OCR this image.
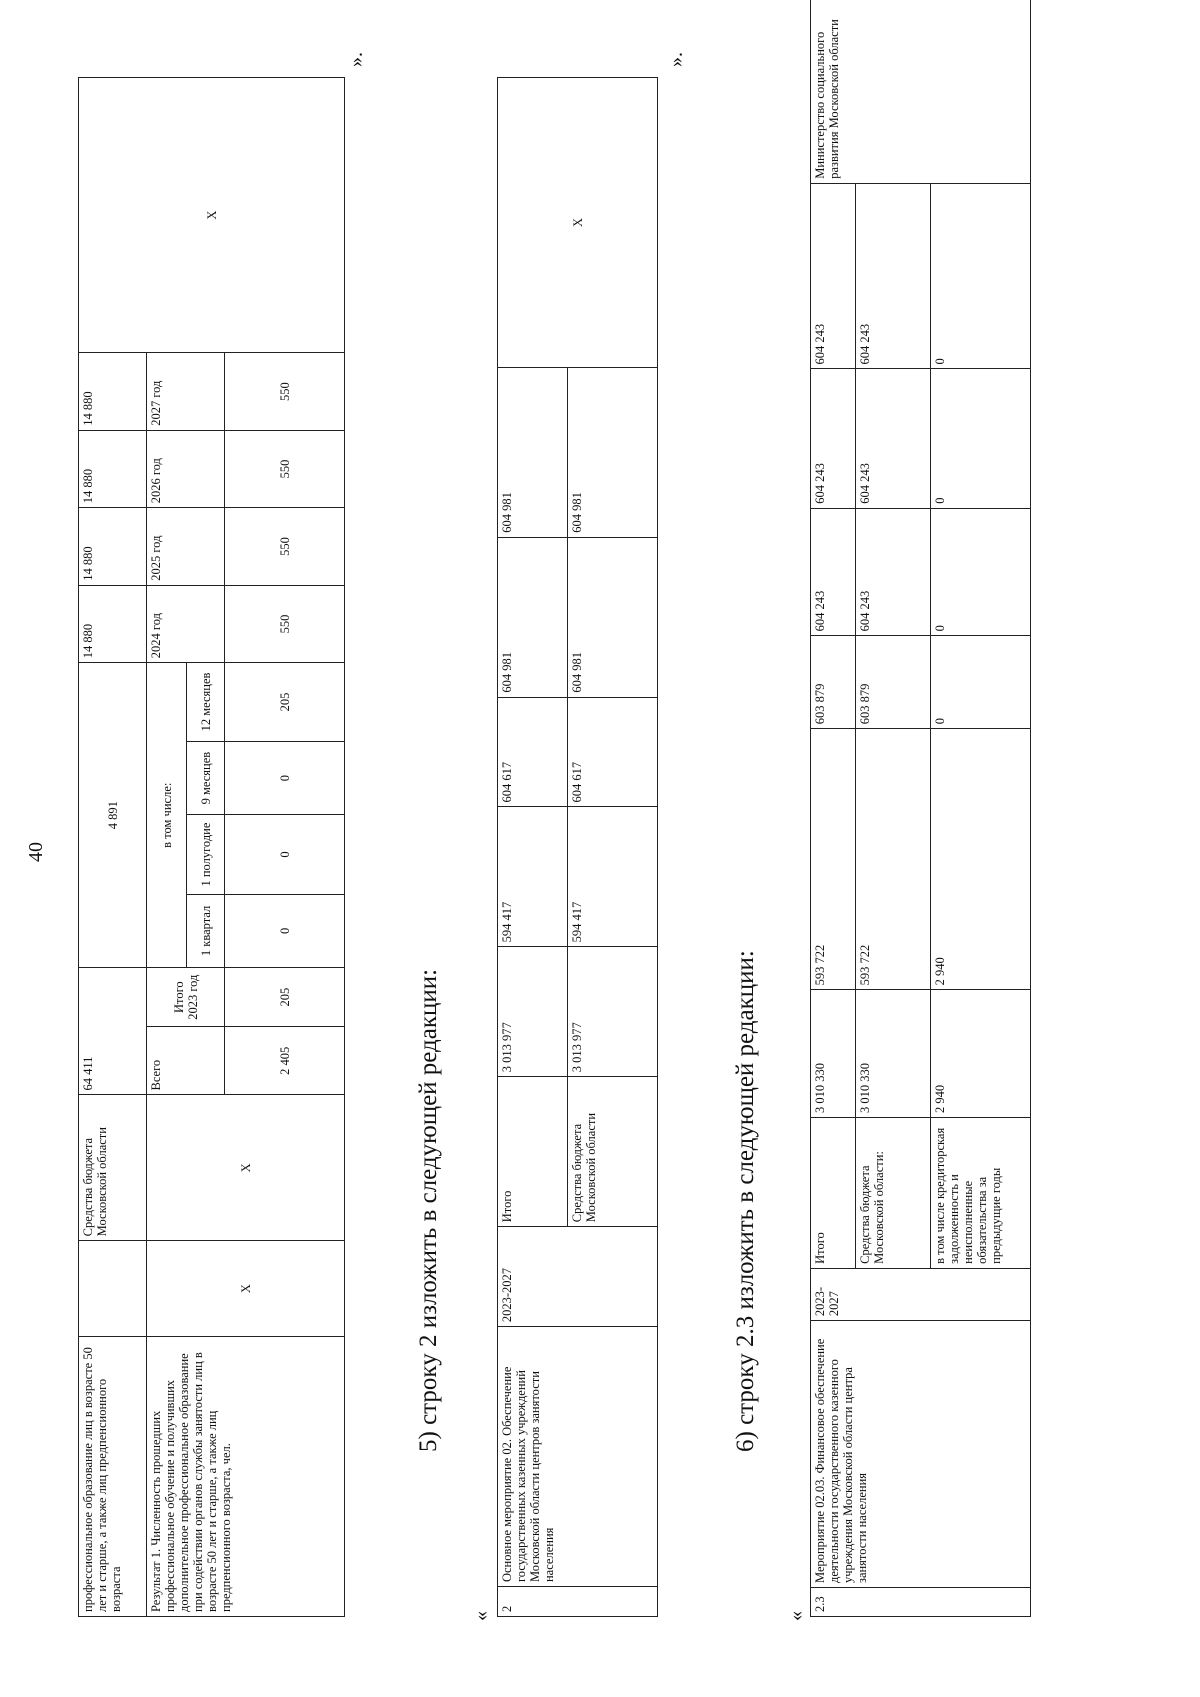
40
профессиональное образование лиц в возрасте 50 лет и старше, а также лиц предпенсионного возраста		Средства бюджета Московской области	64 411		4 891				14 880	14 880	14 880	14 880	X
Результат 1. Численность прошедших профессиональное обучение и получивших дополнительное профессиональное образование при содействии органов службы занятости лиц в возрасте 50 лет и старше, а также лиц предпенсионного возраста, чел.	X	X	Всего	Итого 2023 год	в том числе:				2024 год	2025 год	2026 год	2027 год	
					1 квартал	1 полугодие	9 месяцев	12 месяцев					
			2 405	205	0	0	0	205	550	550	550	550	
».
5) строку 2 изложить в следующей редакции:
«
2	Основное мероприятие 02. Обеспечение государственных казенных учреждений Московской области центров занятости населения	2023-2027	Итого	3 013 977	594 417	604 617	604 981	604 981	X
			Средства бюджета Московской области	3 013 977	594 417	604 617	604 981	604 981	
».
6) строку 2.3 изложить в следующей редакции:
«
2.3	Мероприятие 02.03. Финансовое обеспечение деятельности государственного казенного учреждения Московской области центра занятости населения	2023-2027	Итого	3 010 330	593 722	603 879	604 243	604 243	604 243	Министерство социального развития Московской области
			Средства бюджета Московской области:	3 010 330	593 722	603 879	604 243	604 243	604 243	
			в том числе кредиторская задолженность и неисполненные обязательства за предыдущие годы	2 940	2 940	0	0	0	0	
